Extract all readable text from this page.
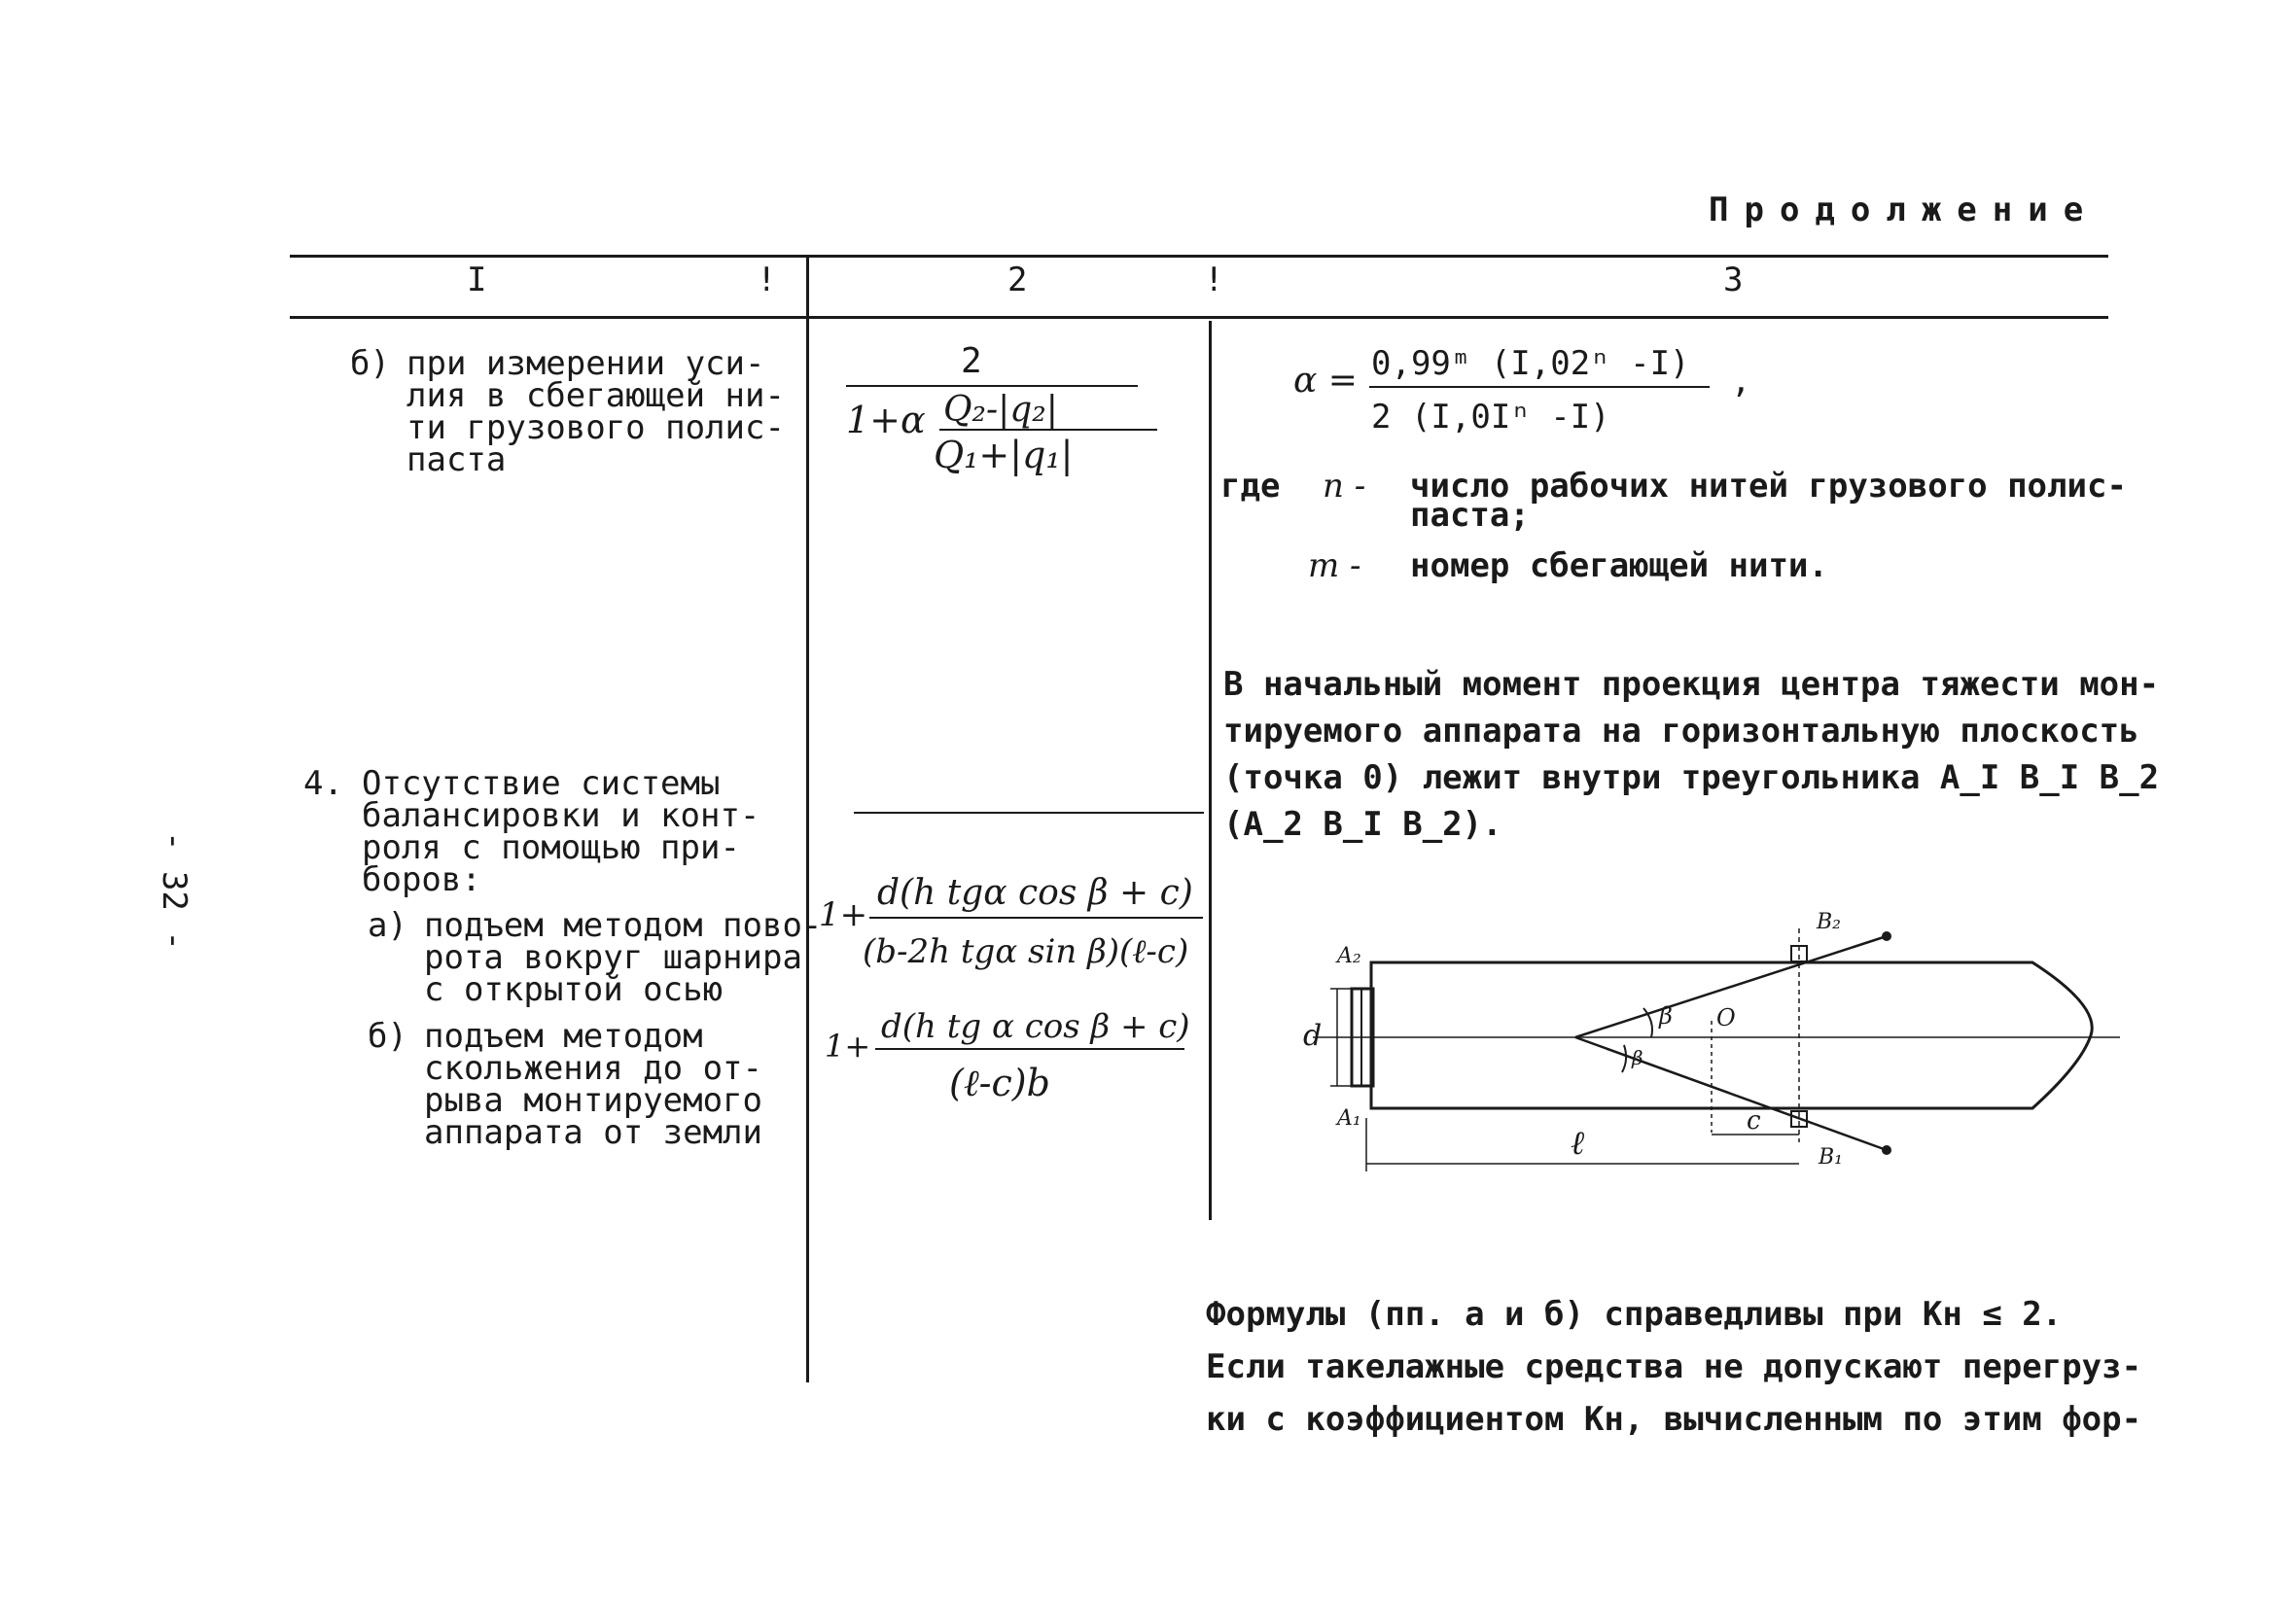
Продолжение
I	!	2	!	3
- 32 -
б) при измерении уси-
лия в сбегающей ни-
ти грузового полис-
паста
2
1+α Q₂-|q₂|
Q₁+|q₁|
α = 0,99ᵐ (I,02ⁿ -I)
2 (I,0Iⁿ -I)
,
где n - число рабочих нитей грузового полис-
паста;
m - номер сбегающей нити.
В начальный момент проекция центра тяжести мон-
тируемого аппарата на горизонтальную плоскость
(точка 0) лежит внутри треугольника A_I B_I B_2
(A_2 B_I B_2).
4. Отсутствие системы
балансировки и конт-
роля с помощью при-
боров:
а) подъем методом пово-
рота вокруг шарнира
с открытой осью
1+
d(h tgα cos β + c)
(b-2h tgα sin β)(ℓ-c)
б) подъем методом
скольжения до от-
рыва монтируемого
аппарата от земли
1+ d(h tg α cos β + c)
(ℓ-c)b
A₂
A₁
B₂
B₁
β
β
O
c
ℓ
d
Формулы (пп. а и б) справедливы при Kн ≤ 2.
Если такелажные средства не допускают перегруз-
ки с коэффициентом Kн, вычисленным по этим фор-
